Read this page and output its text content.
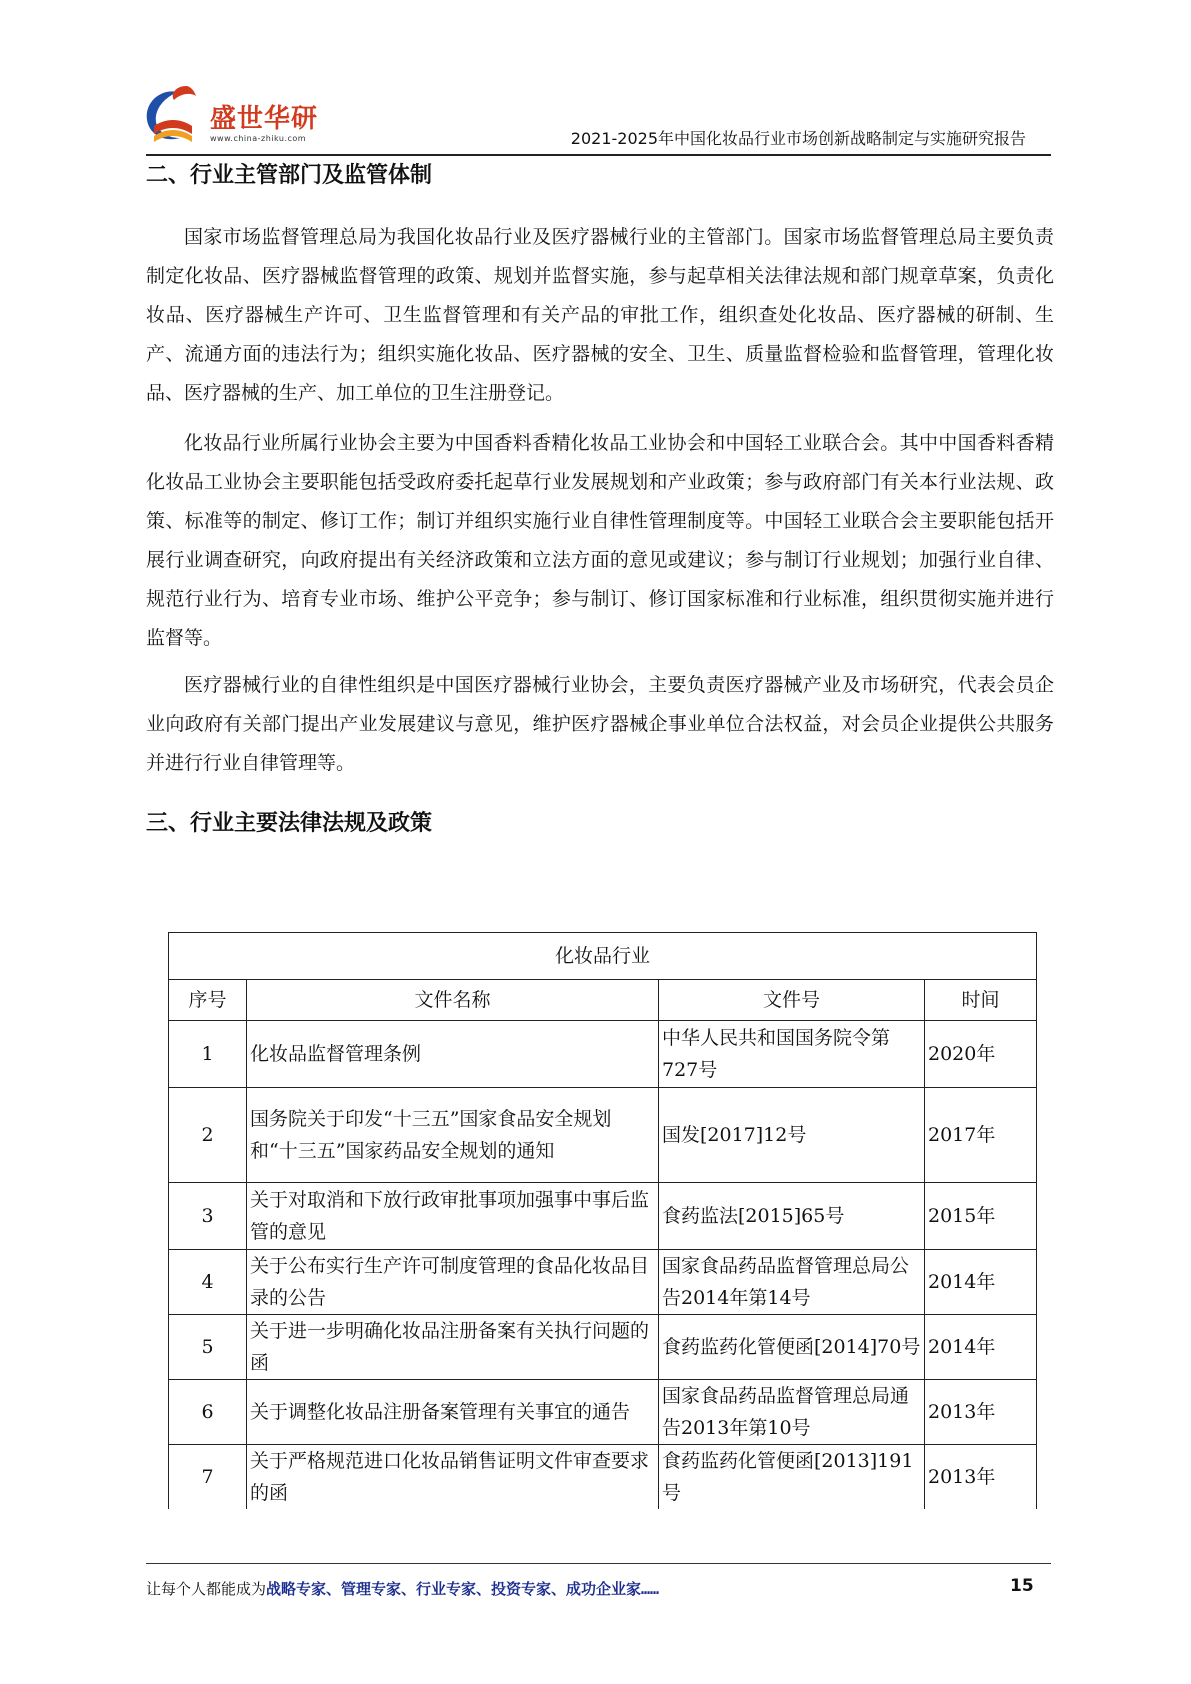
盛世华研
www.china-zhiku.com	2021-2025年中国化妆品行业市场创新战略制定与实施研究报告
二、行业主管部门及监管体制

国家市场监督管理总局为我国化妆品行业及医疗器械行业的主管部门。国家市场监督管理总局主要负责制定化妆品、医疗器械监督管理的政策、规划并监督实施，参与起草相关法律法规和部门规章草案，负责化妆品、医疗器械生产许可、卫生监督管理和有关产品的审批工作，组织查处化妆品、医疗器械的研制、生产、流通方面的违法行为；组织实施化妆品、医疗器械的安全、卫生、质量监督检验和监督管理，管理化妆品、医疗器械的生产、加工单位的卫生注册登记。

化妆品行业所属行业协会主要为中国香料香精化妆品工业协会和中国轻工业联合会。其中中国香料香精化妆品工业协会主要职能包括受政府委托起草行业发展规划和产业政策；参与政府部门有关本行业法规、政策、标准等的制定、修订工作；制订并组织实施行业自律性管理制度等。中国轻工业联合会主要职能包括开展行业调查研究，向政府提出有关经济政策和立法方面的意见或建议；参与制订行业规划；加强行业自律、规范行业行为、培育专业市场、维护公平竞争；参与制订、修订国家标准和行业标准，组织贯彻实施并进行监督等。

医疗器械行业的自律性组织是中国医疗器械行业协会，主要负责医疗器械产业及市场研究，代表会员企业向政府有关部门提出产业发展建议与意见，维护医疗器械企事业单位合法权益，对会员企业提供公共服务并进行行业自律管理等。

三、行业主要法律法规及政策
化妆品行业			
序号	文件名称	文件号	时间
1	化妆品监督管理条例	中华人民共和国国务院令第727号	2020年
2	国务院关于印发“十三五”国家食品安全规划和“十三五”国家药品安全规划的通知	国发[2017]12号	2017年
3	关于对取消和下放行政审批事项加强事中事后监管的意见	食药监法[2015]65号	2015年
4	关于公布实行生产许可制度管理的食品化妆品目录的公告	国家食品药品监督管理总局公告2014年第14号	2014年
5	关于进一步明确化妆品注册备案有关执行问题的函	食药监药化管便函[2014]70号	2014年
6	关于调整化妆品注册备案管理有关事宜的通告	国家食品药品监督管理总局通告2013年第10号	2013年
7	关于严格规范进口化妆品销售证明文件审查要求的函	食药监药化管便函[2013]191号	2013年
让每个人都能成为战略专家、管理专家、行业专家、投资专家、成功企业家……	15
